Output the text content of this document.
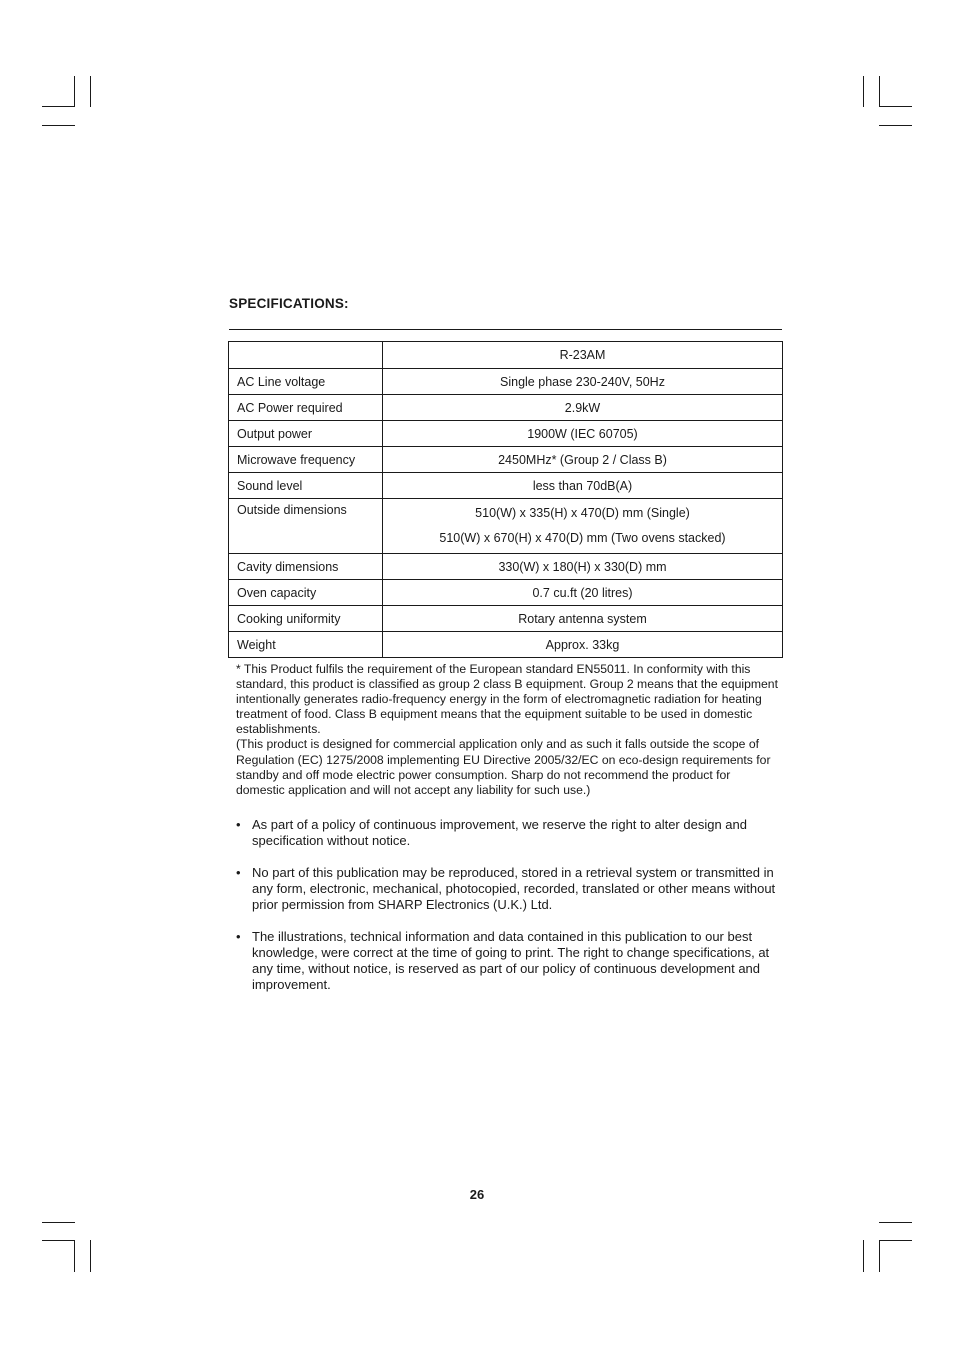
SPECIFICATIONS:
	R-23AM
AC Line voltage	Single phase 230-240V, 50Hz
AC Power required	2.9kW
Output power	1900W (IEC 60705)
Microwave frequency	2450MHz* (Group 2 / Class B)
Sound level	less than 70dB(A)
Outside dimensions	510(W) x 335(H) x 470(D) mm (Single)
510(W) x 670(H) x 470(D) mm (Two ovens stacked)

Cavity dimensions	330(W) x 180(H) x 330(D) mm
Oven capacity	0.7 cu.ft (20 litres)
Cooking uniformity	Rotary antenna system
Weight	Approx. 33kg

* This Product fulfils the requirement of the European standard EN55011. In conformity with this standard, this product is classified as group 2 class B equipment. Group 2 means that the equipment intentionally generates radio-frequency energy in the form of electromagnetic radiation for heating treatment of food. Class B equipment means that the equipment suitable to be used in domestic establishments.

(This product is designed for commercial application only and as such it falls outside the scope of Regulation (EC) 1275/2008 implementing EU Directive 2005/32/EC on eco-design requirements for standby and off mode electric power consumption. Sharp do not recommend the product for domestic application and will not accept any liability for such use.)

• As part of a policy of continuous improvement, we reserve the right to alter design and specification without notice.
• No part of this publication may be reproduced, stored in a retrieval system or transmitted in any form, electronic, mechanical, photocopied, recorded, translated or other means without prior permission from SHARP Electronics (U.K.) Ltd.
• The illustrations, technical information and data contained in this publication to our best knowledge, were correct at the time of going to print. The right to change specifications, at any time, without notice, is reserved as part of our policy of continuous development and improvement.
26
